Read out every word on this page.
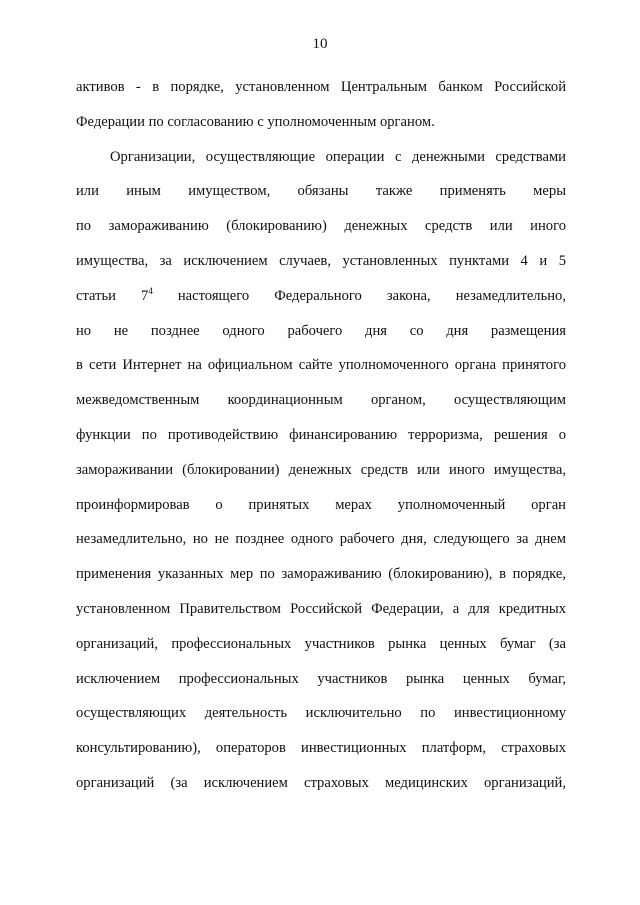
10
активов - в порядке, установленном Центральным банком Российской
Федерации по согласованию с уполномоченным органом.
Организации, осуществляющие операции с денежными средствами
или иным имуществом, обязаны также применять меры
по замораживанию (блокированию) денежных средств или иного
имущества, за исключением случаев, установленных пунктами 4 и 5
статьи $7^4$ настоящего Федерального закона, незамедлительно,
но не позднее одного рабочего дня со дня размещения
в сети Интернет на официальном сайте уполномоченного органа принятого
межведомственным координационным органом, осуществляющим
функции по противодействию финансированию терроризма, решения о
замораживании (блокировании) денежных средств или иного имущества,
проинформировав о принятых мерах уполномоченный орган
незамедлительно, но не позднее одного рабочего дня, следующего за днем
применения указанных мер по замораживанию (блокированию), в порядке,
установленном Правительством Российской Федерации, а для кредитных
организаций, профессиональных участников рынка ценных бумаг (за
исключением профессиональных участников рынка ценных бумаг,
осуществляющих деятельность исключительно по инвестиционному
консультированию), операторов инвестиционных платформ, страховых
организаций (за исключением страховых медицинских организаций,
